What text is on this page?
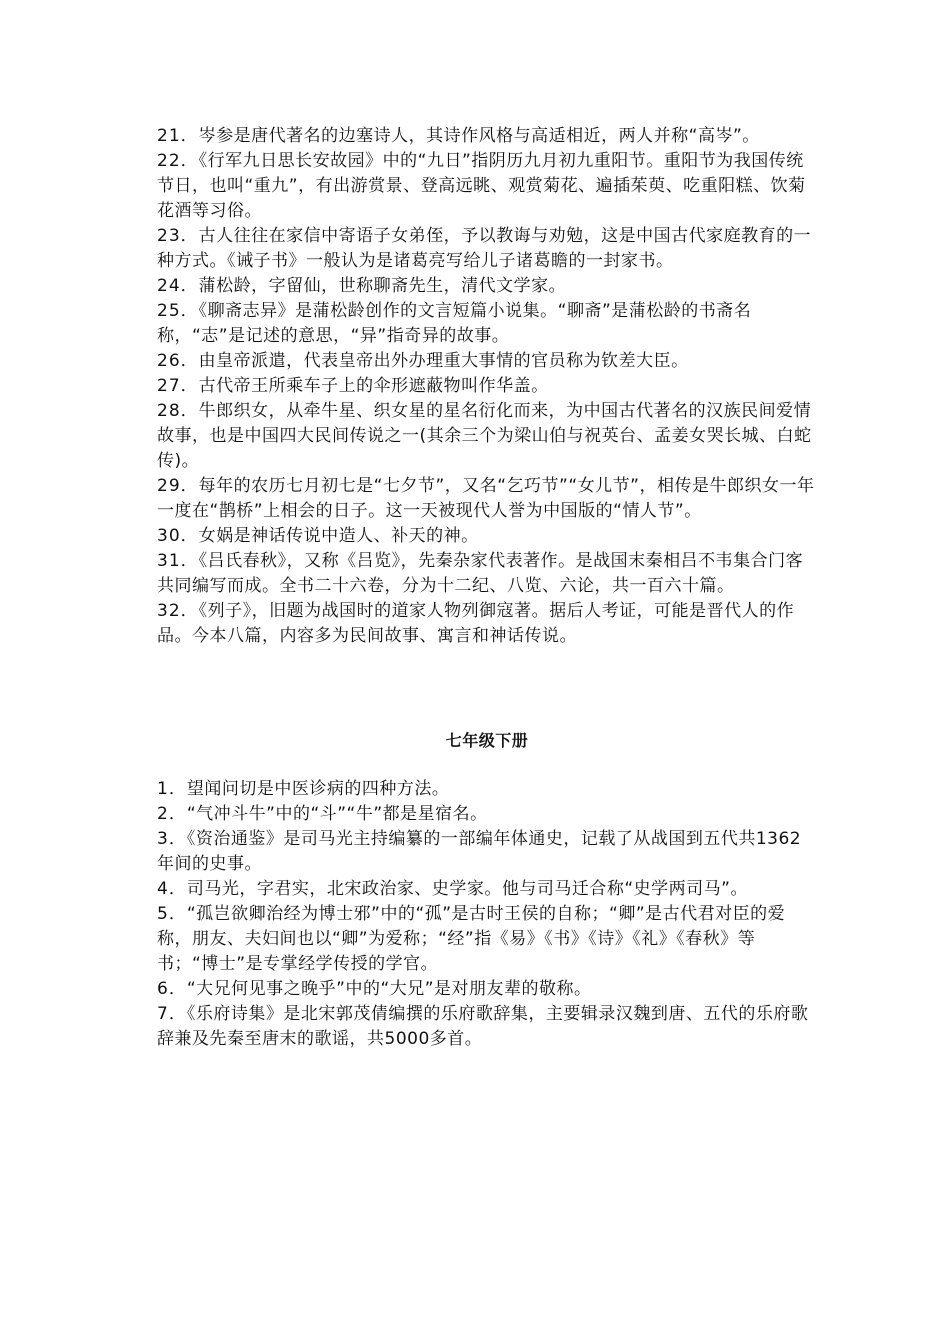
21．岑参是唐代著名的边塞诗人，其诗作风格与高适相近，两人并称“高岑”。

22．《行军九日思长安故园》中的“九日”指阴历九月初九重阳节。重阳节为我国传统节日，也叫“重九”，有出游赏景、登高远眺、观赏菊花、遍插茱萸、吃重阳糕、饮菊花酒等习俗。

23．古人往往在家信中寄语子女弟侄，予以教诲与劝勉，这是中国古代家庭教育的一种方式。《诫子书》一般认为是诸葛亮写给儿子诸葛瞻的一封家书。

24．蒲松龄，字留仙，世称聊斋先生，清代文学家。

25．《聊斋志异》是蒲松龄创作的文言短篇小说集。“聊斋”是蒲松龄的书斋名称，“志”是记述的意思，“异”指奇异的故事。

26．由皇帝派遣，代表皇帝出外办理重大事情的官员称为钦差大臣。

27．古代帝王所乘车子上的伞形遮蔽物叫作华盖。

28．牛郎织女，从牵牛星、织女星的星名衍化而来，为中国古代著名的汉族民间爱情故事，也是中国四大民间传说之一(其余三个为梁山伯与祝英台、孟姜女哭长城、白蛇传)。

29．每年的农历七月初七是“七夕节”，又名“乞巧节”“女儿节”，相传是牛郎织女一年一度在“鹊桥”上相会的日子。这一天被现代人誉为中国版的“情人节”。

30．女娲是神话传说中造人、补天的神。

31．《吕氏春秋》，又称《吕览》，先秦杂家代表著作。是战国末秦相吕不韦集合门客共同编写而成。全书二十六卷，分为十二纪、八览、六论，共一百六十篇。

32．《列子》，旧题为战国时的道家人物列御寇著。据后人考证，可能是晋代人的作品。今本八篇，内容多为民间故事、寓言和神话传说。

七年级下册

1．望闻问切是中医诊病的四种方法。

2．“气冲斗牛”中的“斗”“牛”都是星宿名。

3．《资治通鉴》是司马光主持编纂的一部编年体通史，记载了从战国到五代共1362年间的史事。

4．司马光，字君实，北宋政治家、史学家。他与司马迁合称“史学两司马”。

5．“孤岂欲卿治经为博士邪”中的“孤”是古时王侯的自称；“卿”是古代君对臣的爱称，朋友、夫妇间也以“卿”为爱称；“经”指《易》《书》《诗》《礼》《春秋》等书；“博士”是专掌经学传授的学官。

6．“大兄何见事之晚乎”中的“大兄”是对朋友辈的敬称。

7．《乐府诗集》是北宋郭茂倩编撰的乐府歌辞集，主要辑录汉魏到唐、五代的乐府歌辞兼及先秦至唐末的歌谣，共5000多首。
